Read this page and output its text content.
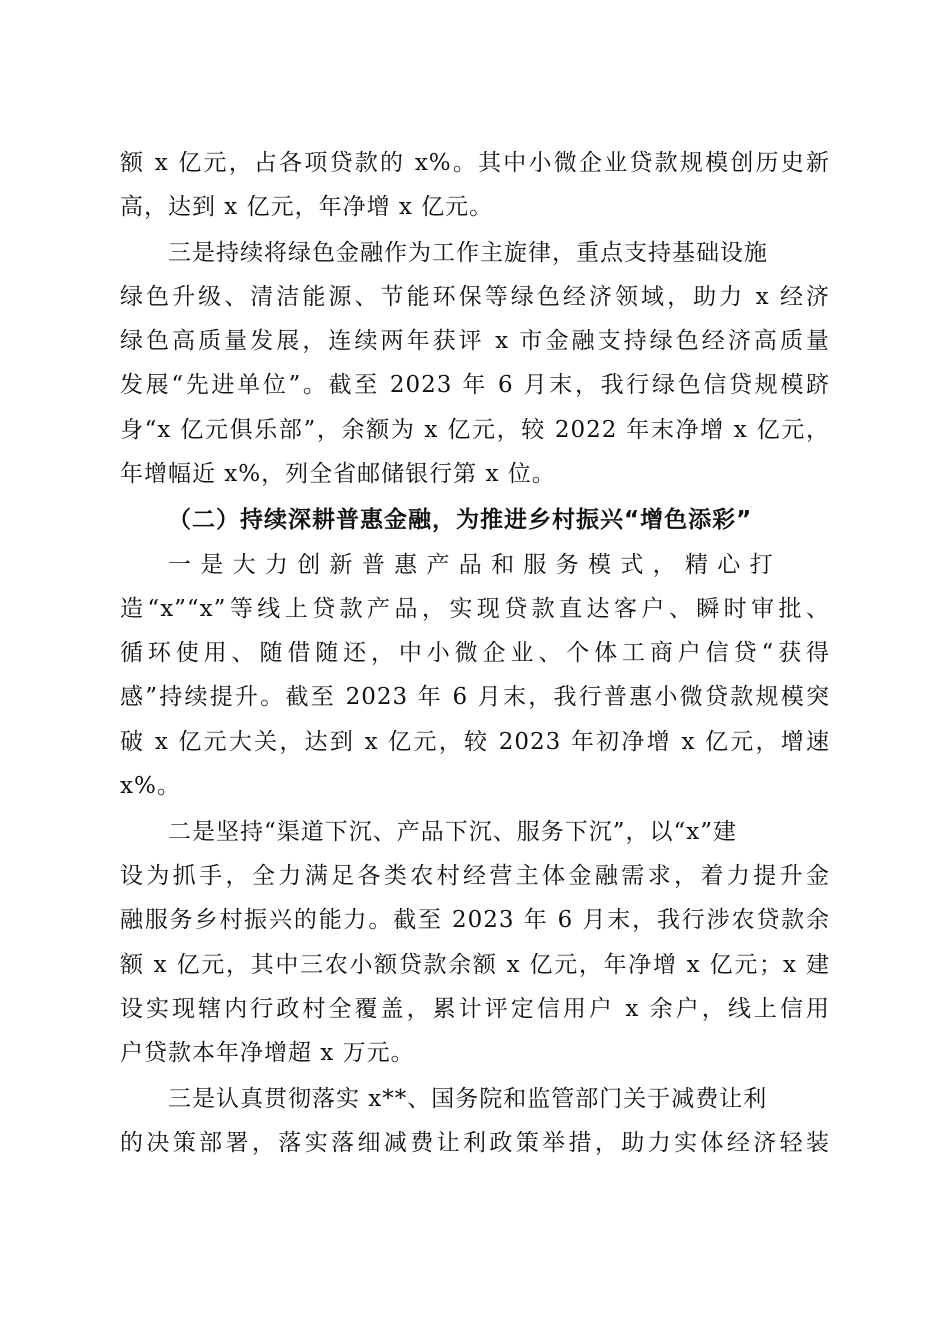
额 x 亿元，占各项贷款的 x%。其中小微企业贷款规模创历史新
高，达到 x 亿元，年净增 x 亿元。
三是持续将绿色金融作为工作主旋律，重点支持基础设施
绿色升级、清洁能源、节能环保等绿色经济领域，助力 x 经济
绿色高质量发展，连续两年获评 x 市金融支持绿色经济高质量
发展“先进单位”。截至 2023 年 6 月末，我行绿色信贷规模跻
身“x 亿元俱乐部”，余额为 x 亿元，较 2022 年末净增 x 亿元，
年增幅近 x%，列全省邮储银行第 x 位。
（二）持续深耕普惠金融，为推进乡村振兴“增色添彩”
一 是 大 力 创 新 普 惠 产 品 和 服 务 模 式 ， 精 心 打
造“x”“x”等线上贷款产品，实现贷款直达客户、瞬时审批、
循环使用、随借随还，中小微企业、个体工商户信贷“获得
感”持续提升。截至 2023 年 6 月末，我行普惠小微贷款规模突
破 x 亿元大关，达到 x 亿元，较 2023 年初净增 x 亿元，增速
x%。
二是坚持“渠道下沉、产品下沉、服务下沉”，以“x”建
设为抓手，全力满足各类农村经营主体金融需求，着力提升金
融服务乡村振兴的能力。截至 2023 年 6 月末，我行涉农贷款余
额 x 亿元，其中三农小额贷款余额 x 亿元，年净增 x 亿元；x 建
设实现辖内行政村全覆盖，累计评定信用户 x 余户，线上信用
户贷款本年净增超 x 万元。
三是认真贯彻落实 x**、国务院和监管部门关于减费让利
的决策部署，落实落细减费让利政策举措，助力实体经济轻装
